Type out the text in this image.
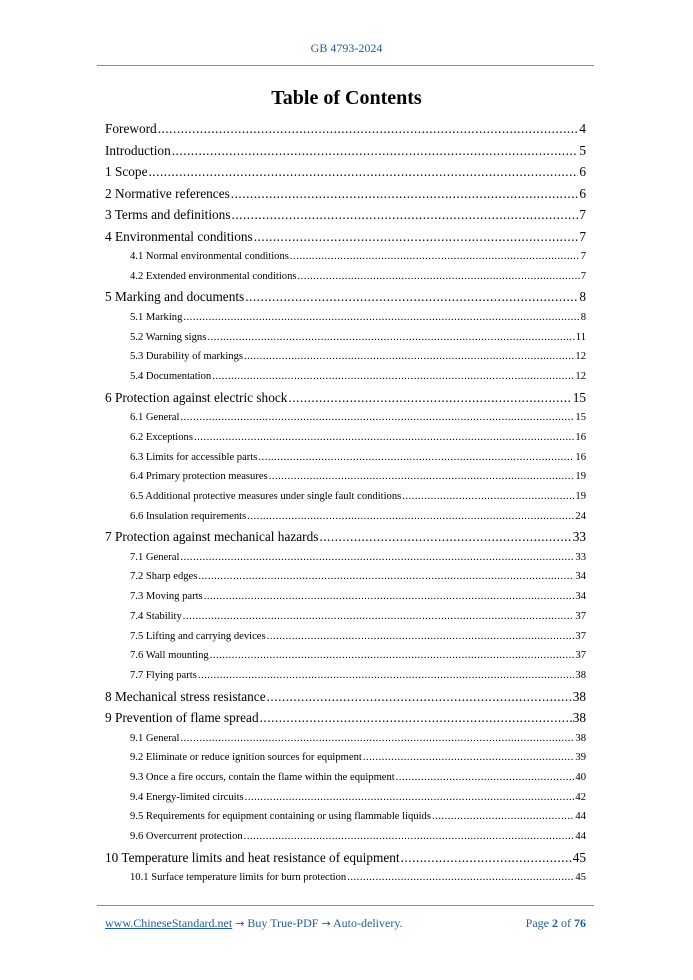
GB 4793-2024
Table of Contents
Foreword .....	4
Introduction .....	5
1 Scope .....	6
2 Normative references .....	6
3 Terms and definitions .....	7
4 Environmental conditions .....	7
4.1 Normal environmental conditions .....	7
4.2 Extended environmental conditions .....	7
5 Marking and documents .....	8
5.1 Marking .....	8
5.2 Warning signs .....	11
5.3 Durability of markings .....	12
5.4 Documentation .....	12
6 Protection against electric shock .....	15
6.1 General .....	15
6.2 Exceptions .....	16
6.3 Limits for accessible parts .....	16
6.4 Primary protection measures .....	19
6.5 Additional protective measures under single fault conditions .....	19
6.6 Insulation requirements .....	24
7 Protection against mechanical hazards .....	33
7.1 General .....	33
7.2 Sharp edges .....	34
7.3 Moving parts .....	34
7.4 Stability .....	37
7.5 Lifting and carrying devices .....	37
7.6 Wall mounting .....	37
7.7 Flying parts .....	38
8 Mechanical stress resistance .....	38
9 Prevention of flame spread .....	38
9.1 General .....	38
9.2 Eliminate or reduce ignition sources for equipment .....	39
9.3 Once a fire occurs, contain the flame within the equipment .....	40
9.4 Energy-limited circuits .....	42
9.5 Requirements for equipment containing or using flammable liquids .....	44
9.6 Overcurrent protection .....	44
10 Temperature limits and heat resistance of equipment .....	45
10.1 Surface temperature limits for burn protection .....	45
www.ChineseStandard.net → Buy True-PDF → Auto-delivery.	Page 2 of 76
